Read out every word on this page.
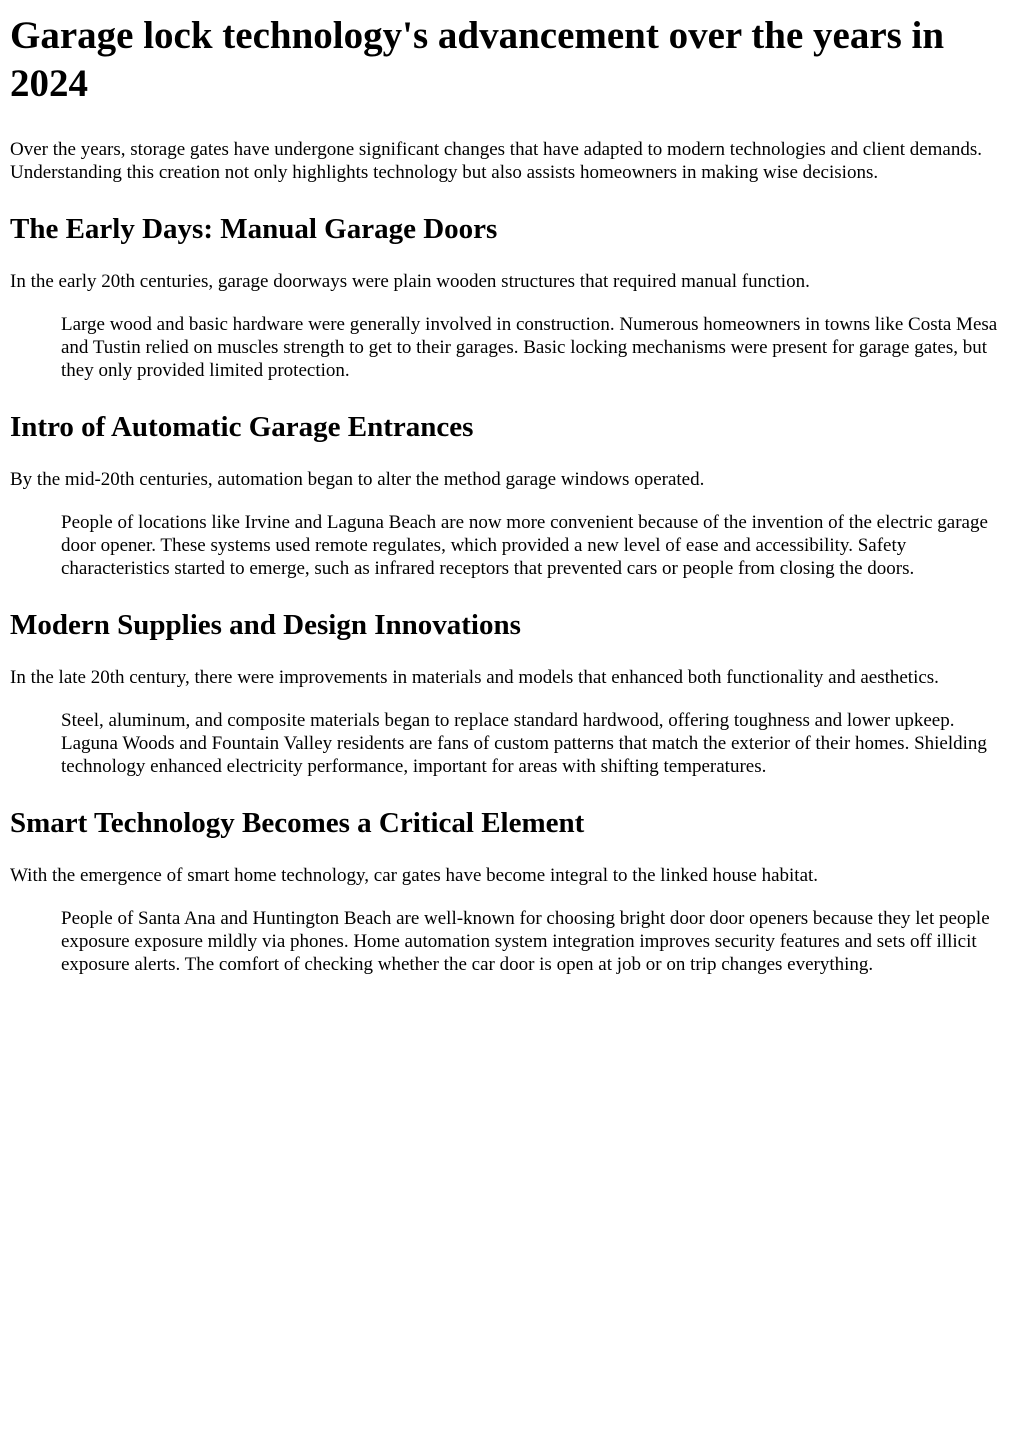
Garage lock technology's advancement over the years in 2024

Over the years, storage gates have undergone significant changes that have adapted to modern technologies and client demands. Understanding this creation not only highlights technology but also assists homeowners in making wise decisions.

The Early Days: Manual Garage Doors

In the early 20th centuries, garage doorways were plain wooden structures that required manual function.

Large wood and basic hardware were generally involved in construction. Numerous homeowners in towns like Costa Mesa and Tustin relied on muscles strength to get to their garages. Basic locking mechanisms were present for garage gates, but they only provided limited protection.
Intro of Automatic Garage Entrances

By the mid-20th centuries, automation began to alter the method garage windows operated.

People of locations like Irvine and Laguna Beach are now more convenient because of the invention of the electric garage door opener. These systems used remote regulates, which provided a new level of ease and accessibility. Safety characteristics started to emerge, such as infrared receptors that prevented cars or people from closing the doors.
Modern Supplies and Design Innovations

In the late 20th century, there were improvements in materials and models that enhanced both functionality and aesthetics.

Steel, aluminum, and composite materials began to replace standard hardwood, offering toughness and lower upkeep. Laguna Woods and Fountain Valley residents are fans of custom patterns that match the exterior of their homes. Shielding technology enhanced electricity performance, important for areas with shifting temperatures.
Smart Technology Becomes a Critical Element

With the emergence of smart home technology, car gates have become integral to the linked house habitat.

People of Santa Ana and Huntington Beach are well-known for choosing bright door door openers because they let people exposure exposure mildly via phones. Home automation system integration improves security features and sets off illicit exposure alerts. The comfort of checking whether the car door is open at job or on trip changes everything.
